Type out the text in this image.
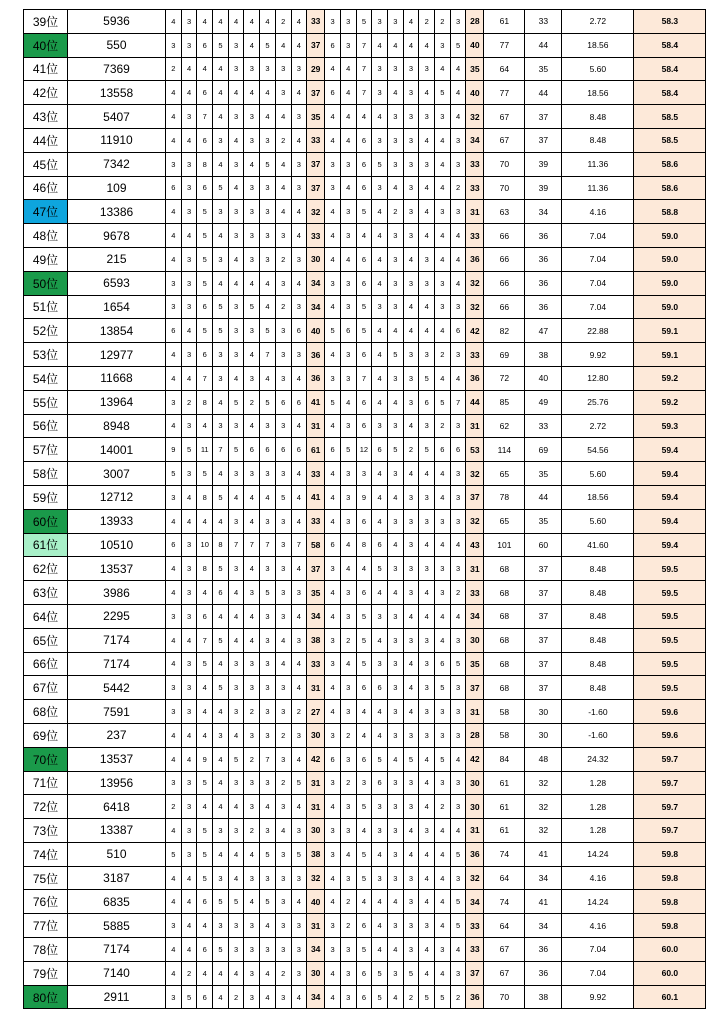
39位	5936	4	3	4	4	4	4	4	2	4	33	3	3	5	3	3	4	2	2	3	28	61	33	2.72	58.3
40位	550	3	3	6	5	3	4	5	4	4	37	6	3	7	4	4	4	4	3	5	40	77	44	18.56	58.4
41位	7369	2	4	4	4	3	3	3	3	3	29	4	4	7	3	3	3	3	4	4	35	64	35	5.60	58.4
42位	13558	4	4	6	4	4	4	4	3	4	37	6	4	7	3	4	3	4	5	4	40	77	44	18.56	58.4
43位	5407	4	3	7	4	3	3	4	4	3	35	4	4	4	4	3	3	3	3	4	32	67	37	8.48	58.5
44位	11910	4	4	6	3	4	3	3	2	4	33	4	4	6	3	3	3	4	4	3	34	67	37	8.48	58.5
45位	7342	3	3	8	4	3	4	5	4	3	37	3	3	6	5	3	3	3	4	3	33	70	39	11.36	58.6
46位	109	6	3	6	5	4	3	3	4	3	37	3	4	6	3	4	3	4	4	2	33	70	39	11.36	58.6
47位	13386	4	3	5	3	3	3	3	4	4	32	4	3	5	4	2	3	4	3	3	31	63	34	4.16	58.8
48位	9678	4	4	5	4	3	3	3	3	4	33	4	3	4	4	3	3	4	4	4	33	66	36	7.04	59.0
49位	215	4	3	5	3	4	3	3	2	3	30	4	4	6	4	3	4	3	4	4	36	66	36	7.04	59.0
50位	6593	3	3	5	4	4	4	4	3	4	34	3	3	6	4	3	3	3	3	4	32	66	36	7.04	59.0
51位	1654	3	3	6	5	3	5	4	2	3	34	4	3	5	3	3	4	4	3	3	32	66	36	7.04	59.0
52位	13854	6	4	5	5	3	3	5	3	6	40	5	6	5	4	4	4	4	4	6	42	82	47	22.88	59.1
53位	12977	4	3	6	3	3	4	7	3	3	36	4	3	6	4	5	3	3	2	3	33	69	38	9.92	59.1
54位	11668	4	4	7	3	4	3	4	3	4	36	3	3	7	4	3	3	5	4	4	36	72	40	12.80	59.2
55位	13964	3	2	8	4	5	2	5	6	6	41	5	4	6	4	4	3	6	5	7	44	85	49	25.76	59.2
56位	8948	4	3	4	3	3	4	3	3	4	31	4	3	6	3	3	4	3	2	3	31	62	33	2.72	59.3
57位	14001	9	5	11	7	5	6	6	6	6	61	6	5	12	6	5	2	5	6	6	53	114	69	54.56	59.4
58位	3007	5	3	5	4	3	3	3	3	4	33	4	3	3	4	3	4	4	4	3	32	65	35	5.60	59.4
59位	12712	3	4	8	5	4	4	4	5	4	41	4	3	9	4	4	3	3	4	3	37	78	44	18.56	59.4
60位	13933	4	4	4	4	3	4	3	3	4	33	4	3	6	4	3	3	3	3	3	32	65	35	5.60	59.4
61位	10510	6	3	10	8	7	7	7	3	7	58	6	4	8	6	4	3	4	4	4	43	101	60	41.60	59.4
62位	13537	4	3	8	5	3	4	3	3	4	37	3	4	4	5	3	3	3	3	3	31	68	37	8.48	59.5
63位	3986	4	3	4	6	4	3	5	3	3	35	4	3	6	4	4	3	4	3	2	33	68	37	8.48	59.5
64位	2295	3	3	6	4	4	4	3	3	4	34	4	3	5	3	3	4	4	4	4	34	68	37	8.48	59.5
65位	7174	4	4	7	5	4	4	3	4	3	38	3	2	5	4	3	3	3	4	3	30	68	37	8.48	59.5
66位	7174	4	3	5	4	3	3	3	4	4	33	3	4	5	3	3	4	3	6	5	35	68	37	8.48	59.5
67位	5442	3	3	4	5	3	3	3	3	4	31	4	3	6	6	3	4	3	5	3	37	68	37	8.48	59.5
68位	7591	3	3	4	4	3	2	3	3	2	27	4	3	4	4	3	4	3	3	3	31	58	30	-1.60	59.6
69位	237	4	4	4	3	4	3	3	2	3	30	3	2	4	4	3	3	3	3	3	28	58	30	-1.60	59.6
70位	13537	4	4	9	4	5	2	7	3	4	42	6	3	6	5	4	5	4	5	4	42	84	48	24.32	59.7
71位	13956	3	3	5	4	3	3	3	2	5	31	3	2	3	6	3	3	4	3	3	30	61	32	1.28	59.7
72位	6418	2	3	4	4	4	3	4	3	4	31	4	3	5	3	3	3	4	2	3	30	61	32	1.28	59.7
73位	13387	4	3	5	3	3	2	3	4	3	30	3	3	4	3	3	4	3	4	4	31	61	32	1.28	59.7
74位	510	5	3	5	4	4	4	5	3	5	38	3	4	5	4	3	4	4	4	5	36	74	41	14.24	59.8
75位	3187	4	4	5	3	4	3	3	3	3	32	4	3	5	3	3	3	4	4	3	32	64	34	4.16	59.8
76位	6835	4	4	6	5	5	4	5	3	4	40	4	2	4	4	4	3	4	4	5	34	74	41	14.24	59.8
77位	5885	3	4	4	3	3	3	4	3	3	31	3	2	6	4	3	3	3	4	5	33	64	34	4.16	59.8
78位	7174	4	4	6	5	3	3	3	3	3	34	3	3	5	4	4	3	4	3	4	33	67	36	7.04	60.0
79位	7140	4	2	4	4	4	3	4	2	3	30	4	3	6	5	3	5	4	4	3	37	67	36	7.04	60.0
80位	2911	3	5	6	4	2	3	4	3	4	34	4	3	6	5	4	2	5	5	2	36	70	38	9.92	60.1
